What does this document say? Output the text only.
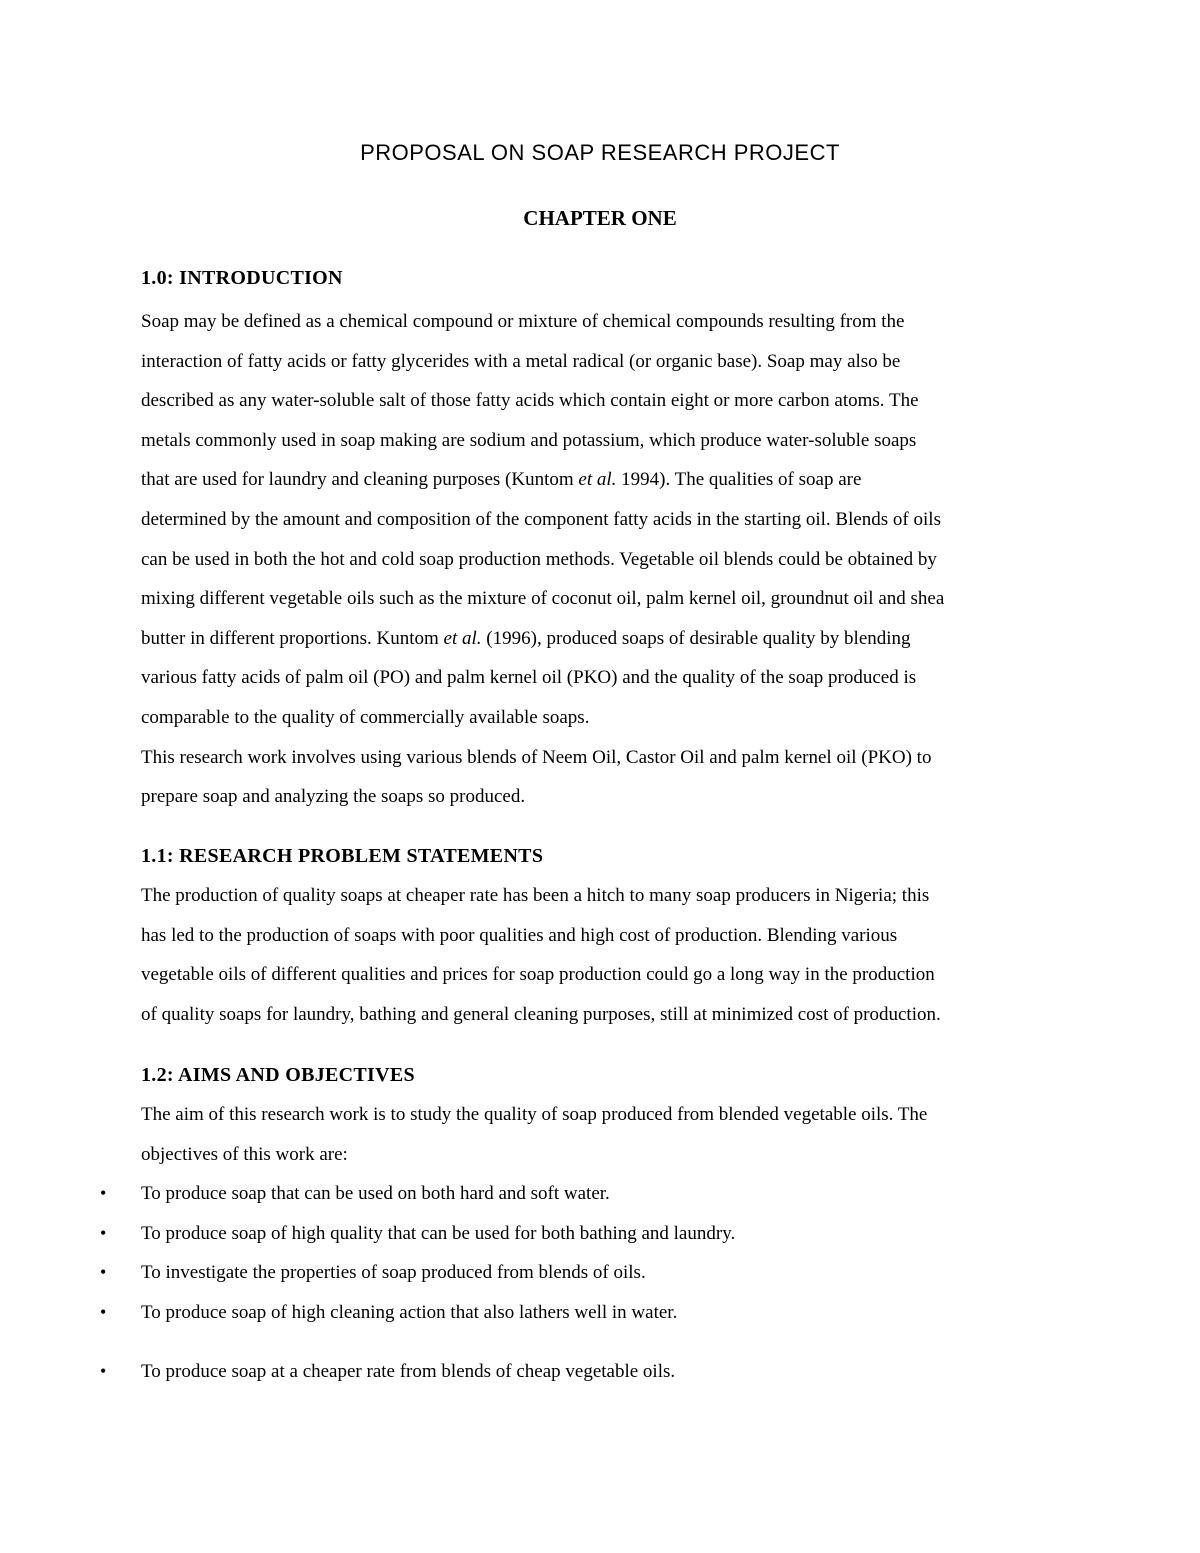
PROPOSAL ON SOAP RESEARCH PROJECT
CHAPTER ONE
1.0: INTRODUCTION
Soap may be defined as a chemical compound or mixture of chemical compounds resulting from the
interaction of fatty acids or fatty glycerides with a metal radical (or organic base). Soap may also be
described as any water-soluble salt of those fatty acids which contain eight or more carbon atoms. The
metals commonly used in soap making are sodium and potassium, which produce water-soluble soaps
that are used for laundry and cleaning purposes (Kuntom et al. 1994). The qualities of soap are
determined by the amount and composition of the component fatty acids in the starting oil. Blends of oils
can be used in both the hot and cold soap production methods. Vegetable oil blends could be obtained by
mixing different vegetable oils such as the mixture of coconut oil, palm kernel oil, groundnut oil and shea
butter in different proportions. Kuntom et al. (1996), produced soaps of desirable quality by blending
various fatty acids of palm oil (PO) and palm kernel oil (PKO) and the quality of the soap produced is
comparable to the quality of commercially available soaps.
This research work involves using various blends of Neem Oil, Castor Oil and palm kernel oil (PKO) to
prepare soap and analyzing the soaps so produced.
1.1: RESEARCH PROBLEM STATEMENTS
The production of quality soaps at cheaper rate has been a hitch to many soap producers in Nigeria; this
has led to the production of soaps with poor qualities and high cost of production. Blending various
vegetable oils of different qualities and prices for soap production could go a long way in the production
of quality soaps for laundry, bathing and general cleaning purposes, still at minimized cost of production.
1.2: AIMS AND OBJECTIVES
The aim of this research work is to study the quality of soap produced from blended vegetable oils. The
objectives of this work are:
• To produce soap that can be used on both hard and soft water.
• To produce soap of high quality that can be used for both bathing and laundry.
• To investigate the properties of soap produced from blends of oils.
• To produce soap of high cleaning action that also lathers well in water.
• To produce soap at a cheaper rate from blends of cheap vegetable oils.
